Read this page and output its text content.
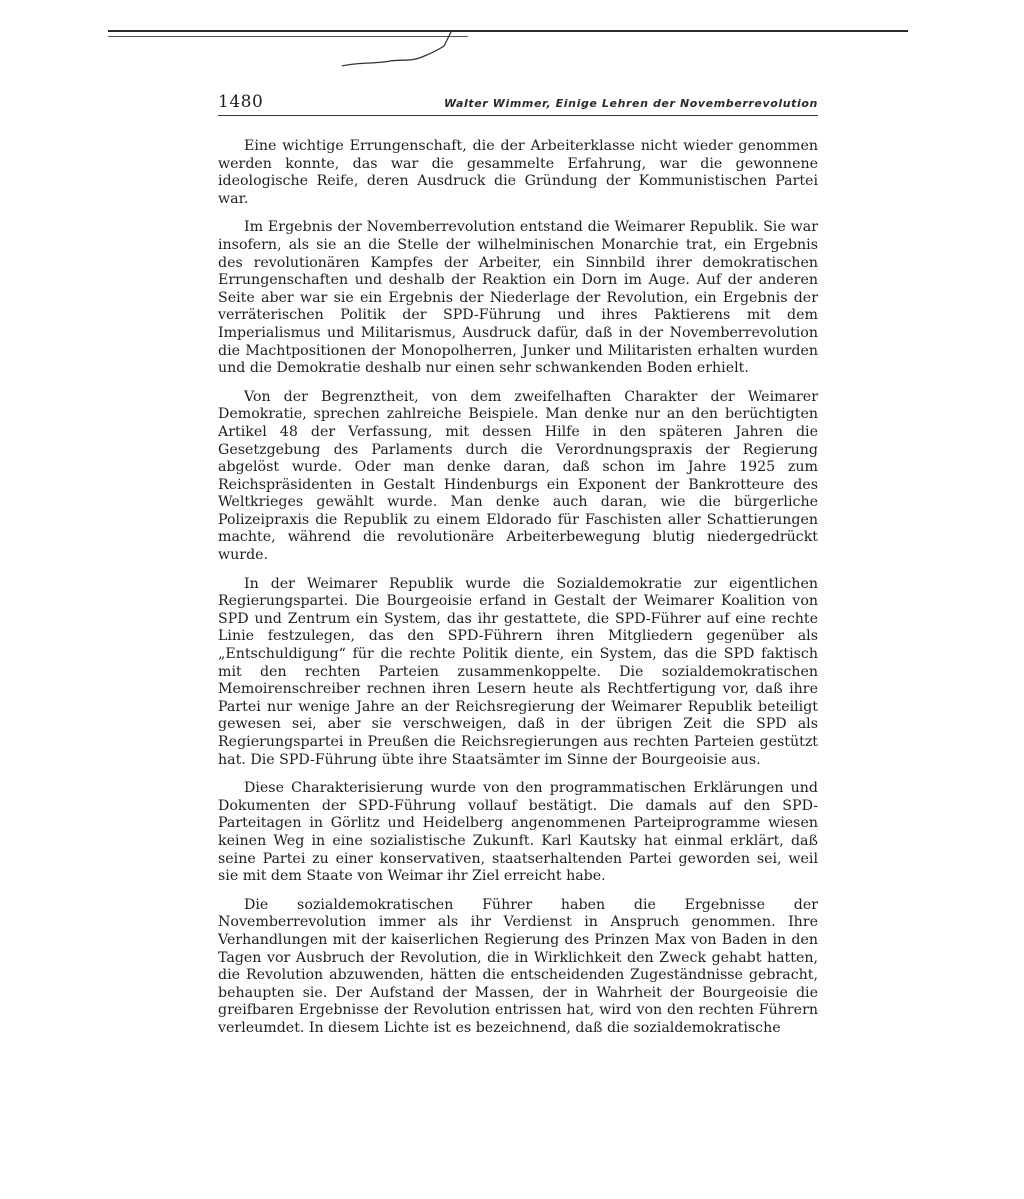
1480	Walter Wimmer, Einige Lehren der Novemberrevolution

Eine wichtige Errungenschaft, die der Arbeiterklasse nicht wieder genommen werden konnte, das war die gesammelte Erfahrung, war die gewonnene ideologische Reife, deren Ausdruck die Gründung der Kommunistischen Partei war.

Im Ergebnis der Novemberrevolution entstand die Weimarer Republik. Sie war insofern, als sie an die Stelle der wilhelminischen Monarchie trat, ein Ergebnis des revolutionären Kampfes der Arbeiter, ein Sinnbild ihrer demokratischen Errungenschaften und deshalb der Reaktion ein Dorn im Auge. Auf der anderen Seite aber war sie ein Ergebnis der Niederlage der Revolution, ein Ergebnis der verräterischen Politik der SPD-Führung und ihres Paktierens mit dem Imperialismus und Militarismus, Ausdruck dafür, daß in der Novemberrevolution die Machtpositionen der Monopolherren, Junker und Militaristen erhalten wurden und die Demokratie deshalb nur einen sehr schwankenden Boden erhielt.

Von der Begrenztheit, von dem zweifelhaften Charakter der Weimarer Demokratie, sprechen zahlreiche Beispiele. Man denke nur an den berüchtigten Artikel 48 der Verfassung, mit dessen Hilfe in den späteren Jahren die Gesetzgebung des Parlaments durch die Verordnungspraxis der Regierung abgelöst wurde. Oder man denke daran, daß schon im Jahre 1925 zum Reichspräsidenten in Gestalt Hindenburgs ein Exponent der Bankrotteure des Weltkrieges gewählt wurde. Man denke auch daran, wie die bürgerliche Polizeipraxis die Republik zu einem Eldorado für Faschisten aller Schattierungen machte, während die revolutionäre Arbeiterbewegung blutig niedergedrückt wurde.

In der Weimarer Republik wurde die Sozialdemokratie zur eigentlichen Regierungspartei. Die Bourgeoisie erfand in Gestalt der Weimarer Koalition von SPD und Zentrum ein System, das ihr gestattete, die SPD-Führer auf eine rechte Linie festzulegen, das den SPD-Führern ihren Mitgliedern gegenüber als „Entschuldigung“ für die rechte Politik diente, ein System, das die SPD faktisch mit den rechten Parteien zusammenkoppelte. Die sozialdemokratischen Memoirenschreiber rechnen ihren Lesern heute als Rechtfertigung vor, daß ihre Partei nur wenige Jahre an der Reichsregierung der Weimarer Republik beteiligt gewesen sei, aber sie verschweigen, daß in der übrigen Zeit die SPD als Regierungspartei in Preußen die Reichsregierungen aus rechten Parteien gestützt hat. Die SPD-Führung übte ihre Staatsämter im Sinne der Bourgeoisie aus.

Diese Charakterisierung wurde von den programmatischen Erklärungen und Dokumenten der SPD-Führung vollauf bestätigt. Die damals auf den SPD-Parteitagen in Görlitz und Heidelberg angenommenen Parteiprogramme wiesen keinen Weg in eine sozialistische Zukunft. Karl Kautsky hat einmal erklärt, daß seine Partei zu einer konservativen, staatserhaltenden Partei geworden sei, weil sie mit dem Staate von Weimar ihr Ziel erreicht habe.

Die sozialdemokratischen Führer haben die Ergebnisse der Novemberrevolution immer als ihr Verdienst in Anspruch genommen. Ihre Verhandlungen mit der kaiserlichen Regierung des Prinzen Max von Baden in den Tagen vor Ausbruch der Revolution, die in Wirklichkeit den Zweck gehabt hatten, die Revolution abzuwenden, hätten die entscheidenden Zugeständnisse gebracht, behaupten sie. Der Aufstand der Massen, der in Wahrheit der Bourgeoisie die greifbaren Ergebnisse der Revolution entrissen hat, wird von den rechten Führern verleumdet. In diesem Lichte ist es bezeichnend, daß die sozialdemokratische
